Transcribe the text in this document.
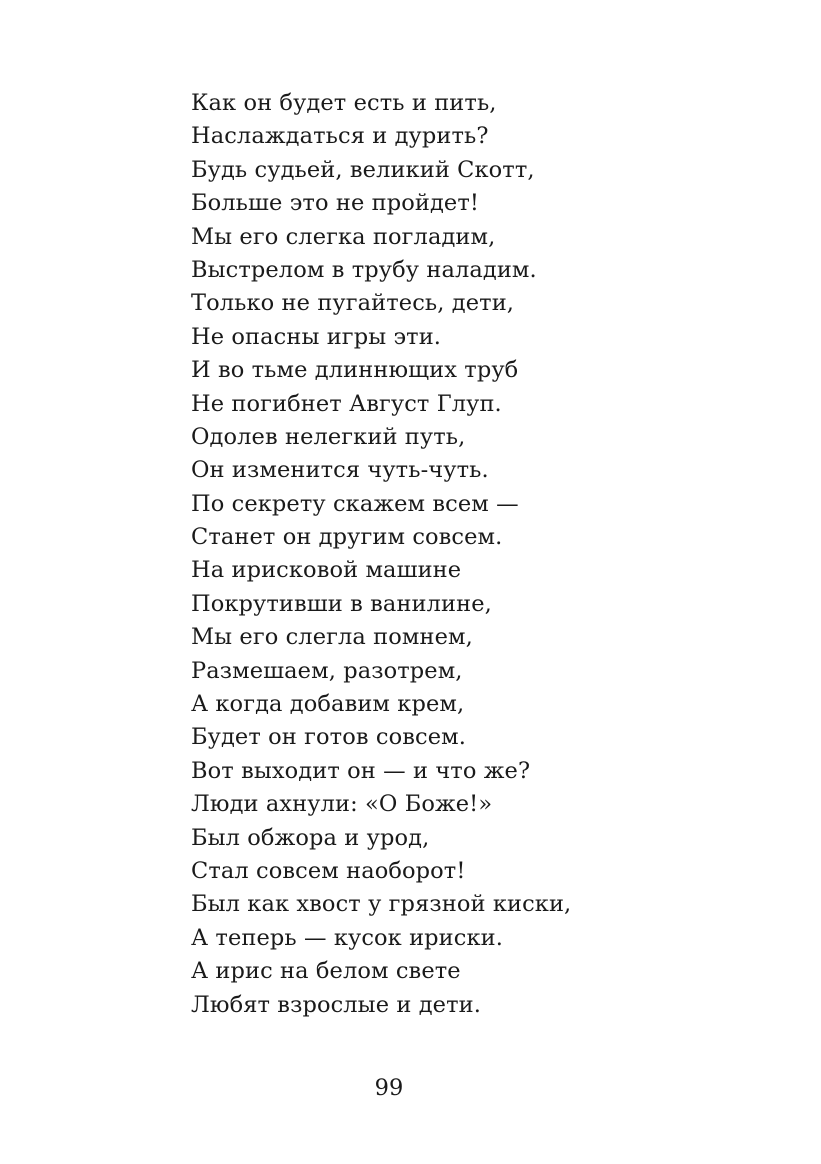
Как он будет есть и пить,
Наслаждаться и дурить?
Будь судьей, великий Скотт,
Больше это не пройдет!
Мы его слегка погладим,
Выстрелом в трубу наладим.
Только не пугайтесь, дети,
Не опасны игры эти.
И во тьме длиннющих труб
Не погибнет Август Глуп.
Одолев нелегкий путь,
Он изменится чуть-чуть.
По секрету скажем всем —
Станет он другим совсем.
На ирисковой машине
Покрутивши в ванилине,
Мы его слегла помнем,
Размешаем, разотрем,
А когда добавим крем,
Будет он готов совсем.
Вот выходит он — и что же?
Люди ахнули: «О Боже!»
Был обжора и урод,
Стал совсем наоборот!
Был как хвост у грязной киски,
А теперь — кусок ириски.
А ирис на белом свете
Любят взрослые и дети.
99
